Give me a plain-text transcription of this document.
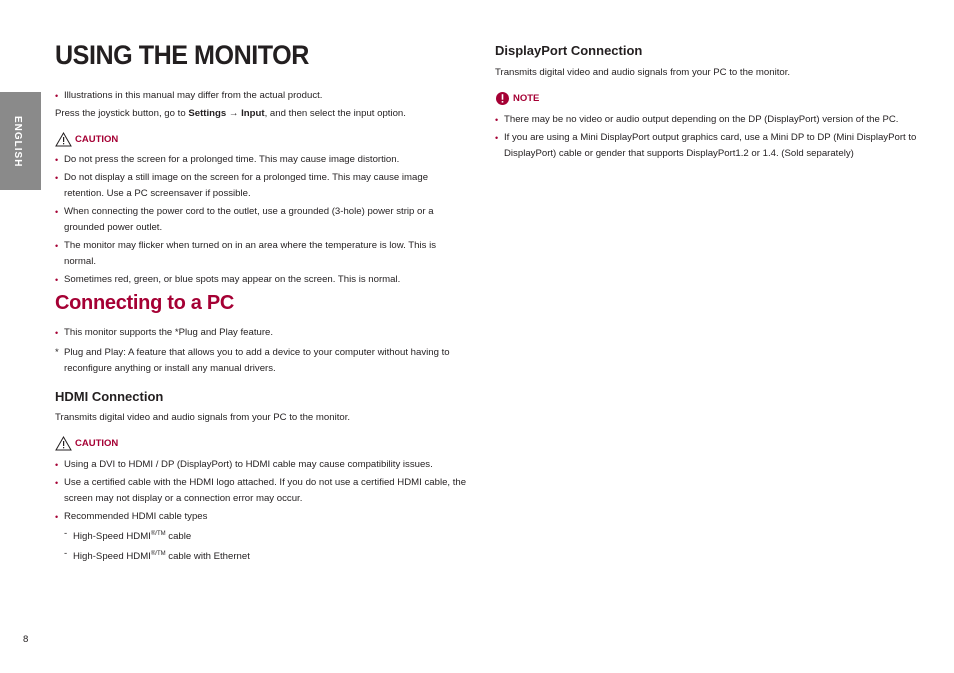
ENGLISH
USING THE MONITOR
• Illustrations in this manual may differ from the actual product.

Press the joystick button, go to Settings → Input, and then select the input option.

CAUTION
• Do not press the screen for a prolonged time. This may cause image distortion.
• Do not display a still image on the screen for a prolonged time. This may cause image retention. Use a PC screensaver if possible.
• When connecting the power cord to the outlet, use a grounded (3-hole) power strip or a grounded power outlet.
• The monitor may flicker when turned on in an area where the temperature is low. This is normal.
• Sometimes red, green, or blue spots may appear on the screen. This is normal.
Connecting to a PC
• This monitor supports the *Plug and Play feature.
* Plug and Play: A feature that allows you to add a device to your computer without having to reconfigure anything or install any manual drivers.
HDMI Connection

Transmits digital video and audio signals from your PC to the monitor.

CAUTION
• Using a DVI to HDMI / DP (DisplayPort) to HDMI cable may cause compatibility issues.
• Use a certified cable with the HDMI logo attached. If you do not use a certified HDMI cable, the screen may not display or a connection error may occur.
• Recommended HDMI cable types
- High-Speed $HDMI^{®/TM}$ cable
- High-Speed $HDMI^{®/TM}$ cable with Ethernet
DisplayPort Connection

Transmits digital video and audio signals from your PC to the monitor.

NOTE
• There may be no video or audio output depending on the DP (DisplayPort) version of the PC.
• If you are using a Mini DisplayPort output graphics card, use a Mini DP to DP (Mini DisplayPort to DisplayPort) cable or gender that supports DisplayPort1.2 or 1.4. (Sold separately)
8
